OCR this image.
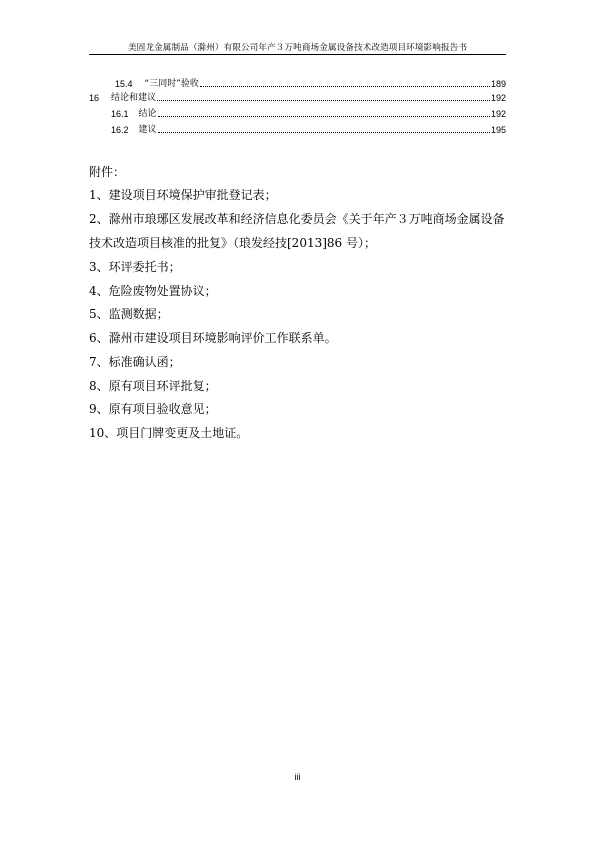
美固龙金属制品（滁州）有限公司年产３万吨商场金属设备技术改造项目环境影响报告书
15.4 “三同时”验收	189
16 结论和建议	192
16.1 结论	192
16.2 建议	195
附件：
1、建设项目环境保护审批登记表；
2、滁州市琅琊区发展改革和经济信息化委员会《关于年产３万吨商场金属设备
技术改造项目核准的批复》（琅发经技[2013]86 号）；
3、环评委托书；
4、危险废物处置协议；
5、监测数据；
6、滁州市建设项目环境影响评价工作联系单。
7、标准确认函；
8、原有项目环评批复；
9、原有项目验收意见；
10、项目门牌变更及土地证。
iii
